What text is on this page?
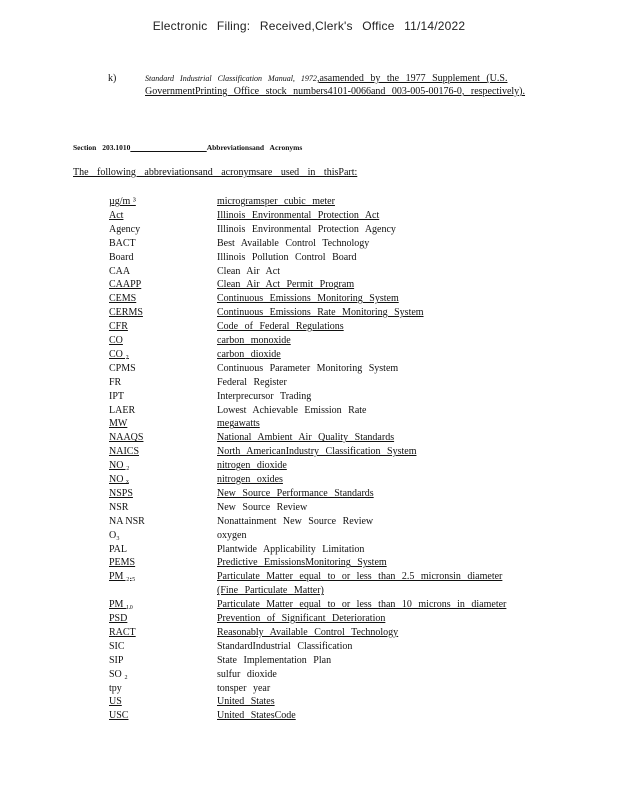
Electronic Filing: Received,Clerk's Office 11/14/2022
k)	Standard Industrial Classification Manual, 1972,asamended by the 1977 Supplement (U.S. GovernmentPrinting Office stock numbers4101-0066and 003-005-00176-0, respectively).
Section 203.1010	Abbreviationsand Acronyms
The following abbreviationsand acronymsare used in thisPart:
µg/m ³	microgramsper cubic meter
Act	Illinois Environmental Protection Act
Agency	Illinois Environmental Protection Agency
BACT	Best Available Control Technology
Board	Illinois Pollution Control Board
CAA	Clean Air Act
CAAPP	Clean Air Act Permit Program
CEMS	Continuous Emissions Monitoring System
CERMS	Continuous Emissions Rate Monitoring System
CFR	Code of Federal Regulations
CO	carbon monoxide
CO ₂	carbon dioxide
CPMS	Continuous Parameter Monitoring System
FR	Federal Register
IPT	Interprecursor Trading
LAER	Lowest Achievable Emission Rate
MW	megawatts
NAAQS	National Ambient Air Quality Standards
NAICS	North AmericanIndustry Classification System
NO ₂	nitrogen dioxide
NO ₓ	nitrogen oxides
NSPS	New Source Performance Standards
NSR	New Source Review
NA NSR	Nonattainment New Source Review
O₃	oxygen
PAL	Plantwide Applicability Limitation
PEMS	Predictive EmissionsMonitoring System
PM ₂.₅	Particulate Matter equal to or less than 2.5 micronsin diameter
(Fine Particulate Matter)
PM ₁₀	Particulate Matter equal to or less than 10 microns in diameter
PSD	Prevention of Significant Deterioration
RACT	Reasonably Available Control Technology
SIC	StandardIndustrial Classification
SIP	State Implementation Plan
SO ₂	sulfur dioxide
tpy	tonsper year
US	United States
USC	United StatesCode
